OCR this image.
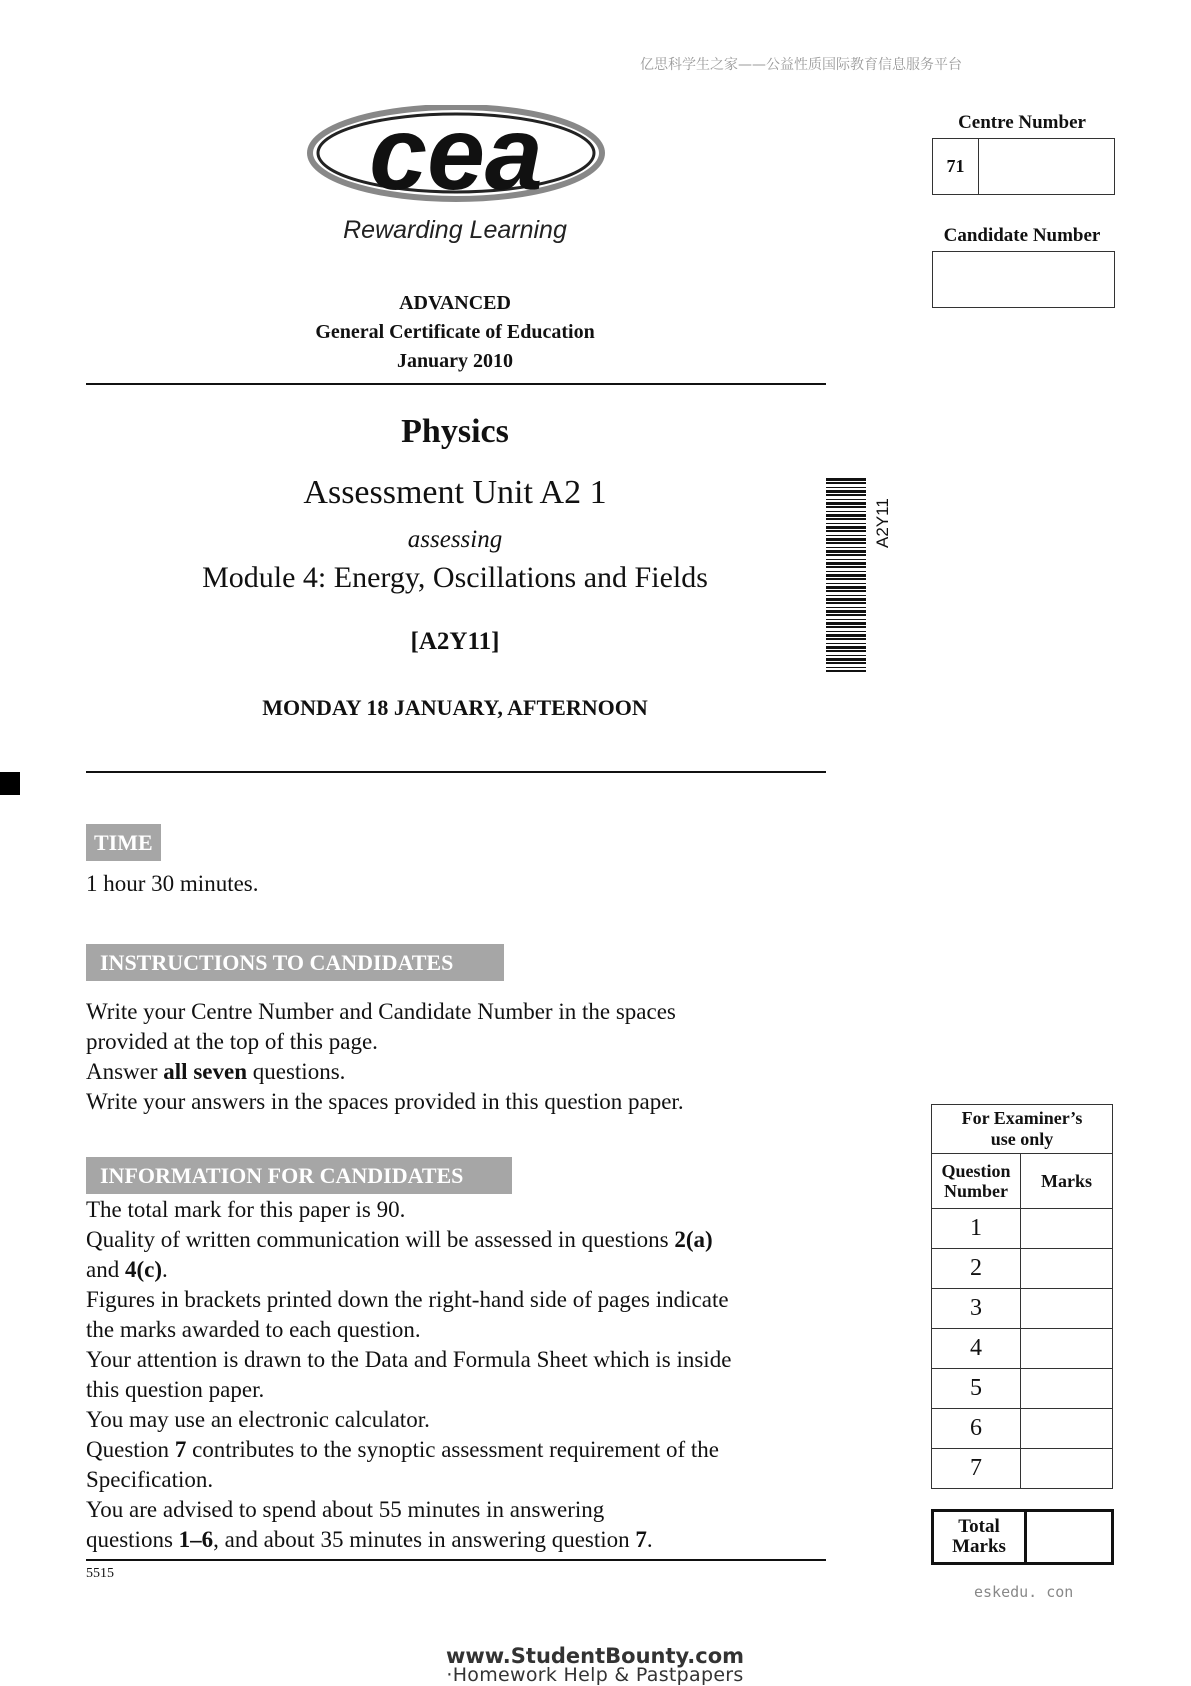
亿思科学生之家——公益性质国际教育信息服务平台
cea
Rewarding Learning
ADVANCED
General Certificate of Education
January 2010
Physics
Assessment Unit A2 1
assessing
Module 4: Energy, Oscillations and Fields
[A2Y11]
MONDAY 18 JANUARY, AFTERNOON
A2Y11
Centre Number
71
Candidate Number
TIME
1 hour 30 minutes.
INSTRUCTIONS TO CANDIDATES
Write your Centre Number and Candidate Number in the spaces
provided at the top of this page.
Answer all seven questions.
Write your answers in the spaces provided in this question paper.
INFORMATION FOR CANDIDATES
The total mark for this paper is 90.
Quality of written communication will be assessed in questions 2(a)
and 4(c).
Figures in brackets printed down the right-hand side of pages indicate
the marks awarded to each question.
Your attention is drawn to the Data and Formula Sheet which is inside
this question paper.
You may use an electronic calculator.
Question 7 contributes to the synoptic assessment requirement of the
Specification.
You are advised to spend about 55 minutes in answering
questions 1–6, and about 35 minutes in answering question 7.
5515
For Examiner’s
use only	

Question
Number	Marks
1	
2	
3	
4	
5	
6	
7	
Total
Marks
eskedu. con
www.StudentBounty.com
·Homework Help & Pastpapers
